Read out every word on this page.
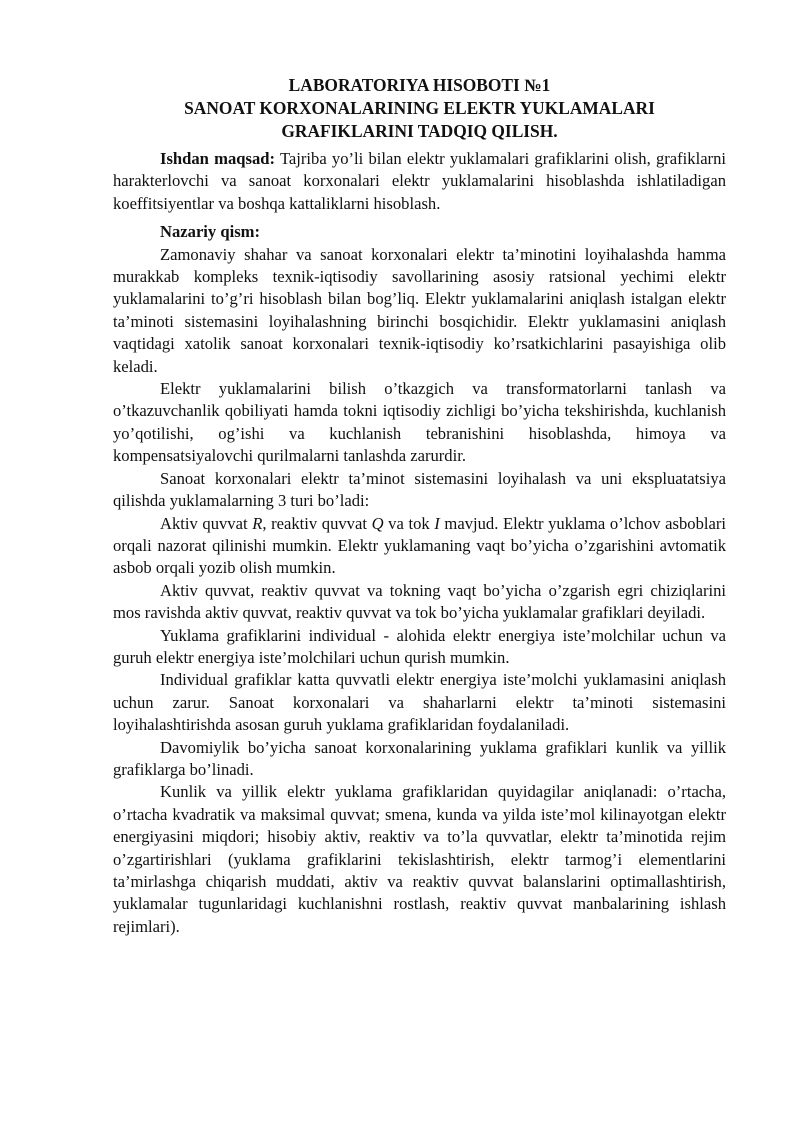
LABORATORIYA HISOBOTI №1
SANOAT KORXONALARINING ELEKTR YUKLAMALARI
GRAFIKLARINI TADQIQ QILISH.

Ishdan maqsad: Tajriba yo’li bilan elektr yuklamalari grafiklarini olish, grafiklarni harakterlovchi va sanoat korxonalari elektr yuklamalarini hisoblashda ishlatiladigan koeffitsiyentlar va boshqa kattaliklarni hisoblash.

Nazariy qism:

Zamonaviy shahar va sanoat korxonalari elektr ta’minotini loyihalashda hamma murakkab kompleks texnik-iqtisodiy savollarining asosiy ratsional yechimi elektr yuklamalarini to’g’ri hisoblash bilan bog’liq. Elektr yuklamalarini aniqlash istalgan elektr ta’minoti sistemasini loyihalashning birinchi bosqichidir. Elektr yuklamasini aniqlash vaqtidagi xatolik sanoat korxonalari texnik-iqtisodiy ko’rsatkichlarini pasayishiga olib keladi.

Elektr yuklamalarini bilish o’tkazgich va transformatorlarni tanlash va o’tkazuvchanlik qobiliyati hamda tokni iqtisodiy zichligi bo’yicha tekshirishda, kuchlanish yo’qotilishi, og’ishi va kuchlanish tebranishini hisoblashda, himoya va kompensatsiyalovchi qurilmalarni tanlashda zarurdir.

Sanoat korxonalari elektr ta’minot sistemasini loyihalash va uni ekspluatatsiya qilishda yuklamalarning 3 turi bo’ladi:

Aktiv quvvat R, reaktiv quvvat Q va tok I mavjud. Elektr yuklama o’lchov asboblari orqali nazorat qilinishi mumkin. Elektr yuklamaning vaqt bo’yicha o’zgarishini avtomatik asbob orqali yozib olish mumkin.

Aktiv quvvat, reaktiv quvvat va tokning vaqt bo’yicha o’zgarish egri chiziqlarini mos ravishda aktiv quvvat, reaktiv quvvat va tok bo’yicha yuklamalar grafiklari deyiladi.

Yuklama grafiklarini individual - alohida elektr energiya iste’molchilar uchun va guruh elektr energiya iste’molchilari uchun qurish mumkin.

Individual grafiklar katta quvvatli elektr energiya iste’molchi yuklamasini aniqlash uchun zarur. Sanoat korxonalari va shaharlarni elektr ta’minoti sistemasini loyihalashtirishda asosan guruh yuklama grafiklaridan foydalaniladi.

Davomiylik bo’yicha sanoat korxonalarining yuklama grafiklari kunlik va yillik grafiklarga bo’linadi.

Kunlik va yillik elektr yuklama grafiklaridan quyidagilar aniqlanadi: o’rtacha, o’rtacha kvadratik va maksimal quvvat; smena, kunda va yilda iste’mol kilinayotgan elektr energiyasini miqdori; hisobiy aktiv, reaktiv va to’la quvvatlar, elektr ta’minotida rejim o’zgartirishlari (yuklama grafiklarini tekislashtirish, elektr tarmog’i elementlarini ta’mirlashga chiqarish muddati, aktiv va reaktiv quvvat balanslarini optimallashtirish, yuklamalar tugunlaridagi kuchlanishni rostlash, reaktiv quvvat manbalarining ishlash rejimlari).
